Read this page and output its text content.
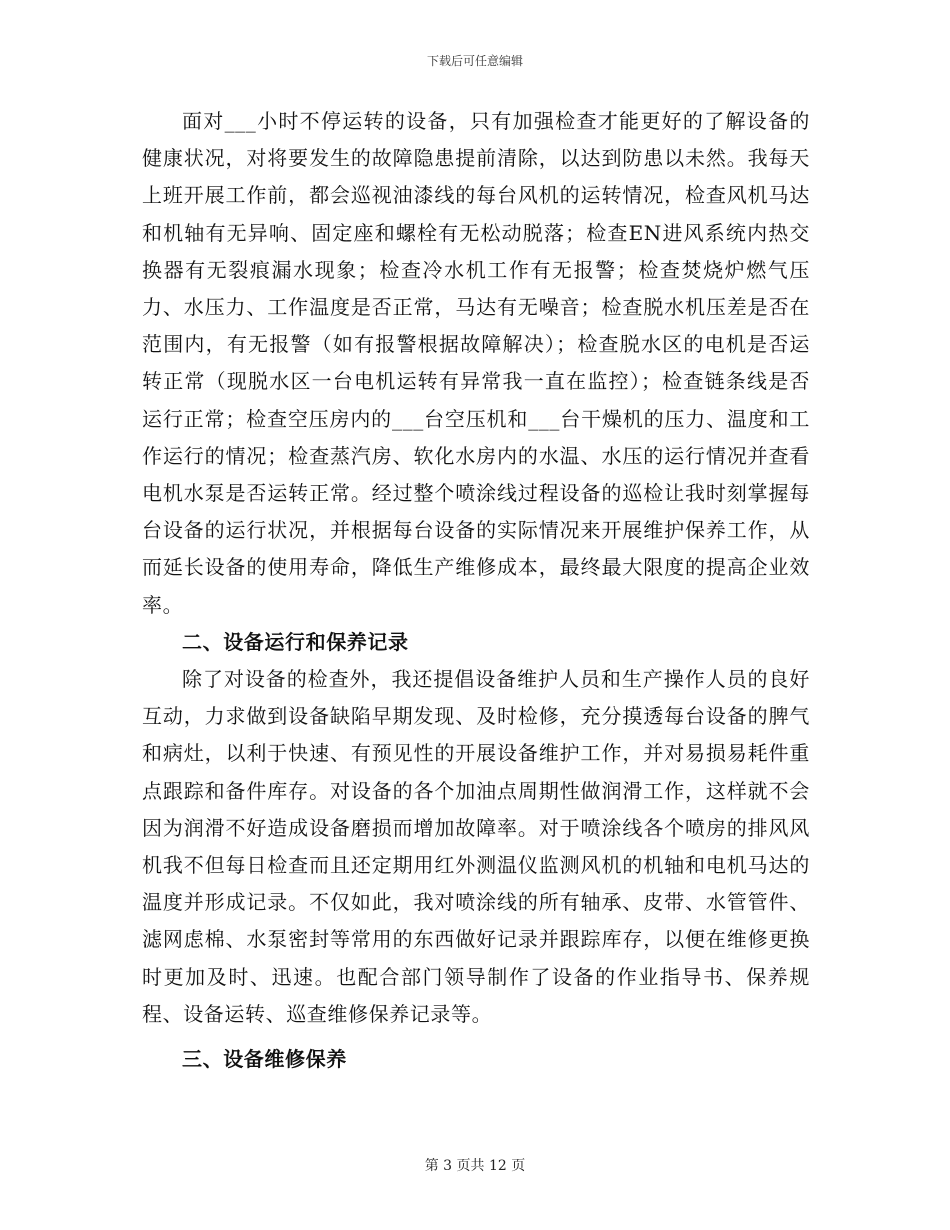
下载后可任意编辑

面对___小时不停运转的设备，只有加强检查才能更好的了解设备的健康状况，对将要发生的故障隐患提前清除，以达到防患以未然。我每天上班开展工作前，都会巡视油漆线的每台风机的运转情况，检查风机马达和机轴有无异响、固定座和螺栓有无松动脱落；检查EN进风系统内热交换器有无裂痕漏水现象；检查冷水机工作有无报警；检查焚烧炉燃气压力、水压力、工作温度是否正常，马达有无噪音；检查脱水机压差是否在范围内，有无报警（如有报警根据故障解决）；检查脱水区的电机是否运转正常（现脱水区一台电机运转有异常我一直在监控）；检查链条线是否运行正常；检查空压房内的___台空压机和___台干燥机的压力、温度和工作运行的情况；检查蒸汽房、软化水房内的水温、水压的运行情况并查看电机水泵是否运转正常。经过整个喷涂线过程设备的巡检让我时刻掌握每台设备的运行状况，并根据每台设备的实际情况来开展维护保养工作，从而延长设备的使用寿命，降低生产维修成本，最终最大限度的提高企业效率。

二、设备运行和保养记录

除了对设备的检查外，我还提倡设备维护人员和生产操作人员的良好互动，力求做到设备缺陷早期发现、及时检修，充分摸透每台设备的脾气和病灶，以利于快速、有预见性的开展设备维护工作，并对易损易耗件重点跟踪和备件库存。对设备的各个加油点周期性做润滑工作，这样就不会因为润滑不好造成设备磨损而增加故障率。对于喷涂线各个喷房的排风风机我不但每日检查而且还定期用红外测温仪监测风机的机轴和电机马达的温度并形成记录。不仅如此，我对喷涂线的所有轴承、皮带、水管管件、滤网虑棉、水泵密封等常用的东西做好记录并跟踪库存，以便在维修更换时更加及时、迅速。也配合部门领导制作了设备的作业指导书、保养规程、设备运转、巡查维修保养记录等。

三、设备维修保养

第 3 页共 12 页
